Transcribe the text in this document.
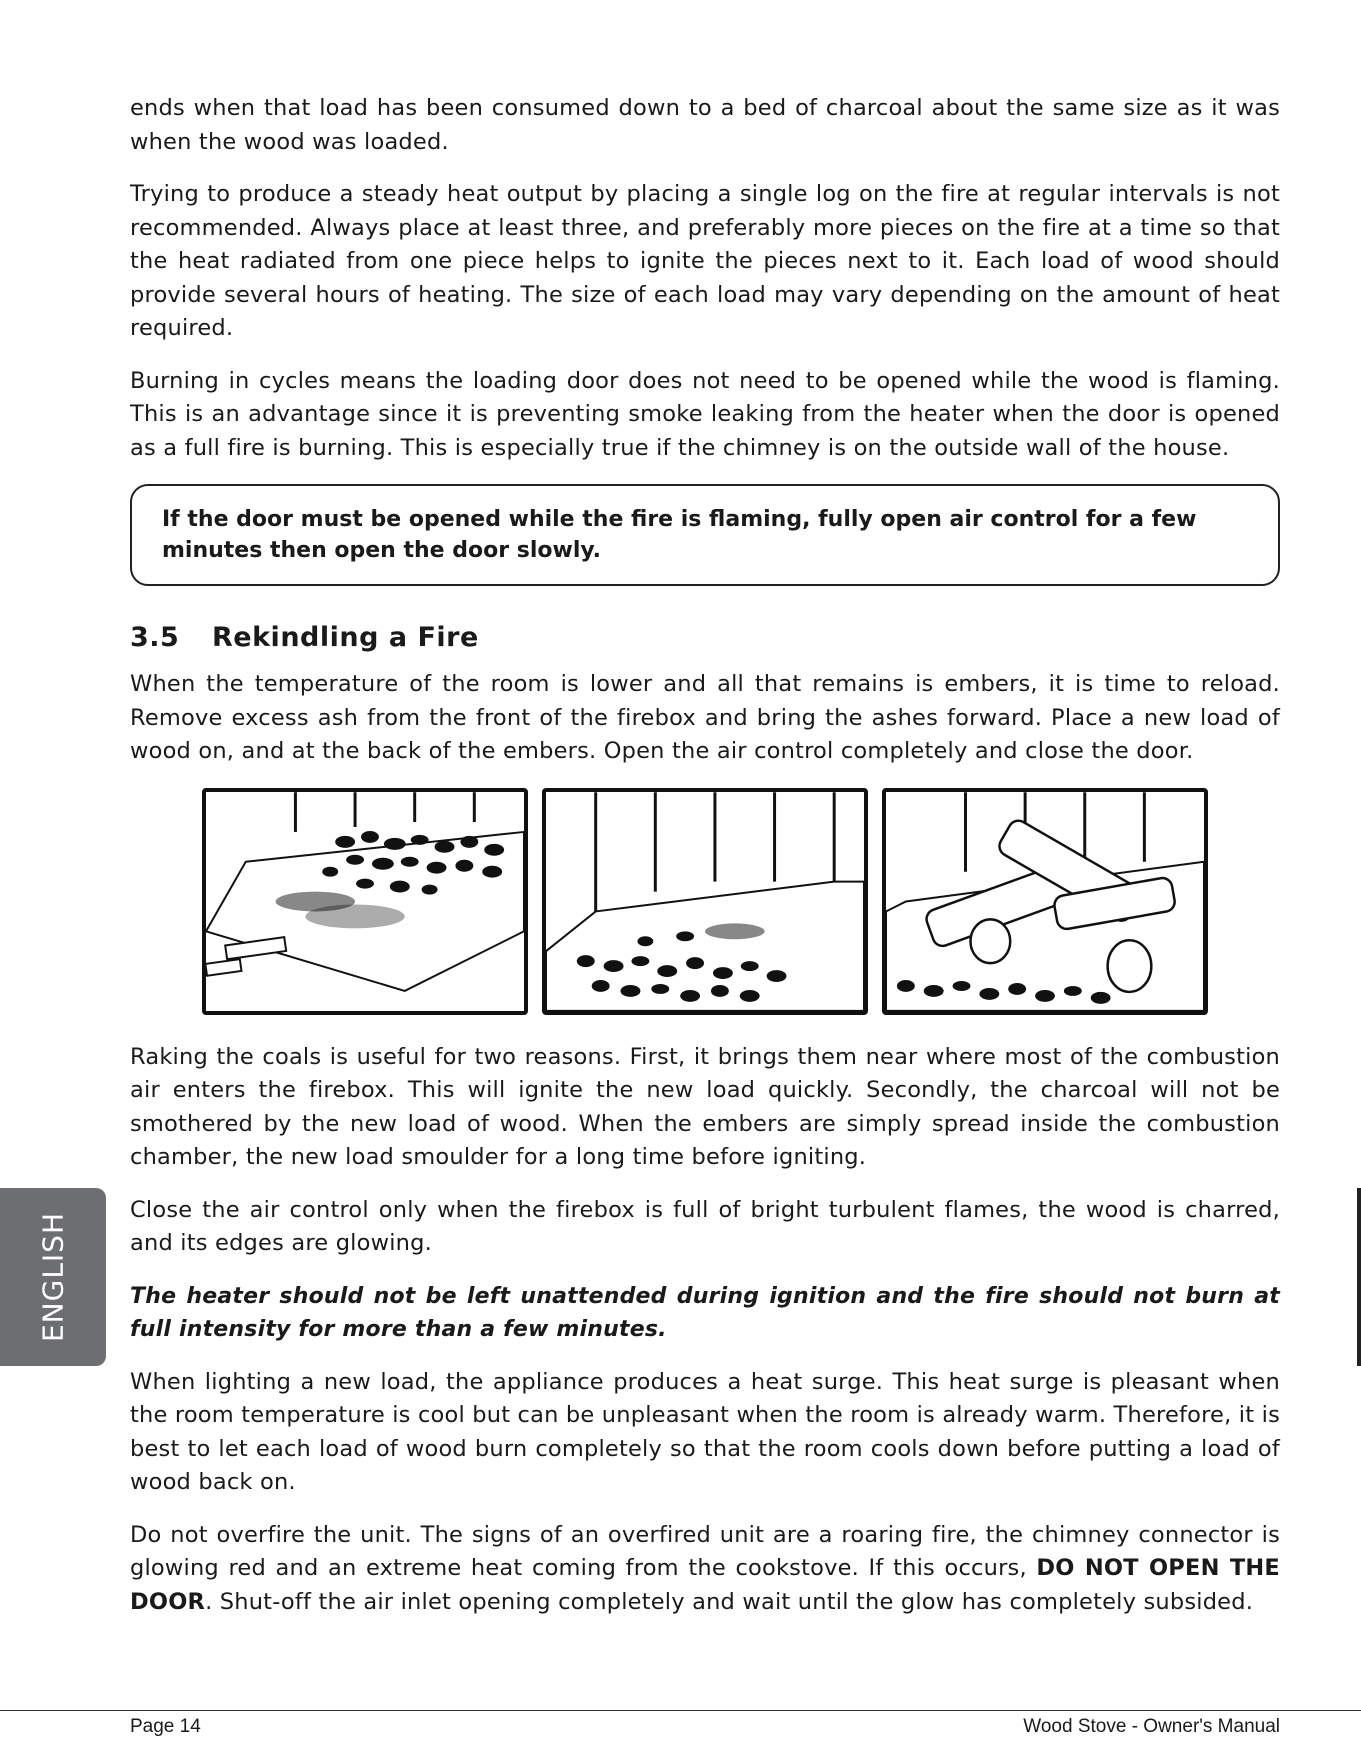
ends when that load has been consumed down to a bed of charcoal about the same size as it was when the wood was loaded.

Trying to produce a steady heat output by placing a single log on the fire at regular intervals is not recommended. Always place at least three, and preferably more pieces on the fire at a time so that the heat radiated from one piece helps to ignite the pieces next to it. Each load of wood should provide several hours of heating. The size of each load may vary depending on the amount of heat required.

Burning in cycles means the loading door does not need to be opened while the wood is flaming. This is an advantage since it is preventing smoke leaking from the heater when the door is opened as a full fire is burning. This is especially true if the chimney is on the outside wall of the house.

If the door must be opened while the fire is flaming, fully open air control for a few minutes then open the door slowly.
3.5 Rekindling a Fire

When the temperature of the room is lower and all that remains is embers, it is time to reload. Remove excess ash from the front of the firebox and bring the ashes forward. Place a new load of wood on, and at the back of the embers. Open the air control completely and close the door.

Raking the coals is useful for two reasons. First, it brings them near where most of the combustion air enters the firebox. This will ignite the new load quickly. Secondly, the charcoal will not be smothered by the new load of wood. When the embers are simply spread inside the combustion chamber, the new load smoulder for a long time before igniting.

Close the air control only when the firebox is full of bright turbulent flames, the wood is charred, and its edges are glowing.

The heater should not be left unattended during ignition and the fire should not burn at full intensity for more than a few minutes.

When lighting a new load, the appliance produces a heat surge. This heat surge is pleasant when the room temperature is cool but can be unpleasant when the room is already warm. Therefore, it is best to let each load of wood burn completely so that the room cools down before putting a load of wood back on.

Do not overfire the unit. The signs of an overfired unit are a roaring fire, the chimney connector is glowing red and an extreme heat coming from the cookstove. If this occurs, DO NOT OPEN THE DOOR. Shut-off the air inlet opening completely and wait until the glow has completely subsided.

ENGLISH
Page 14	Wood Stove - Owner's Manual
